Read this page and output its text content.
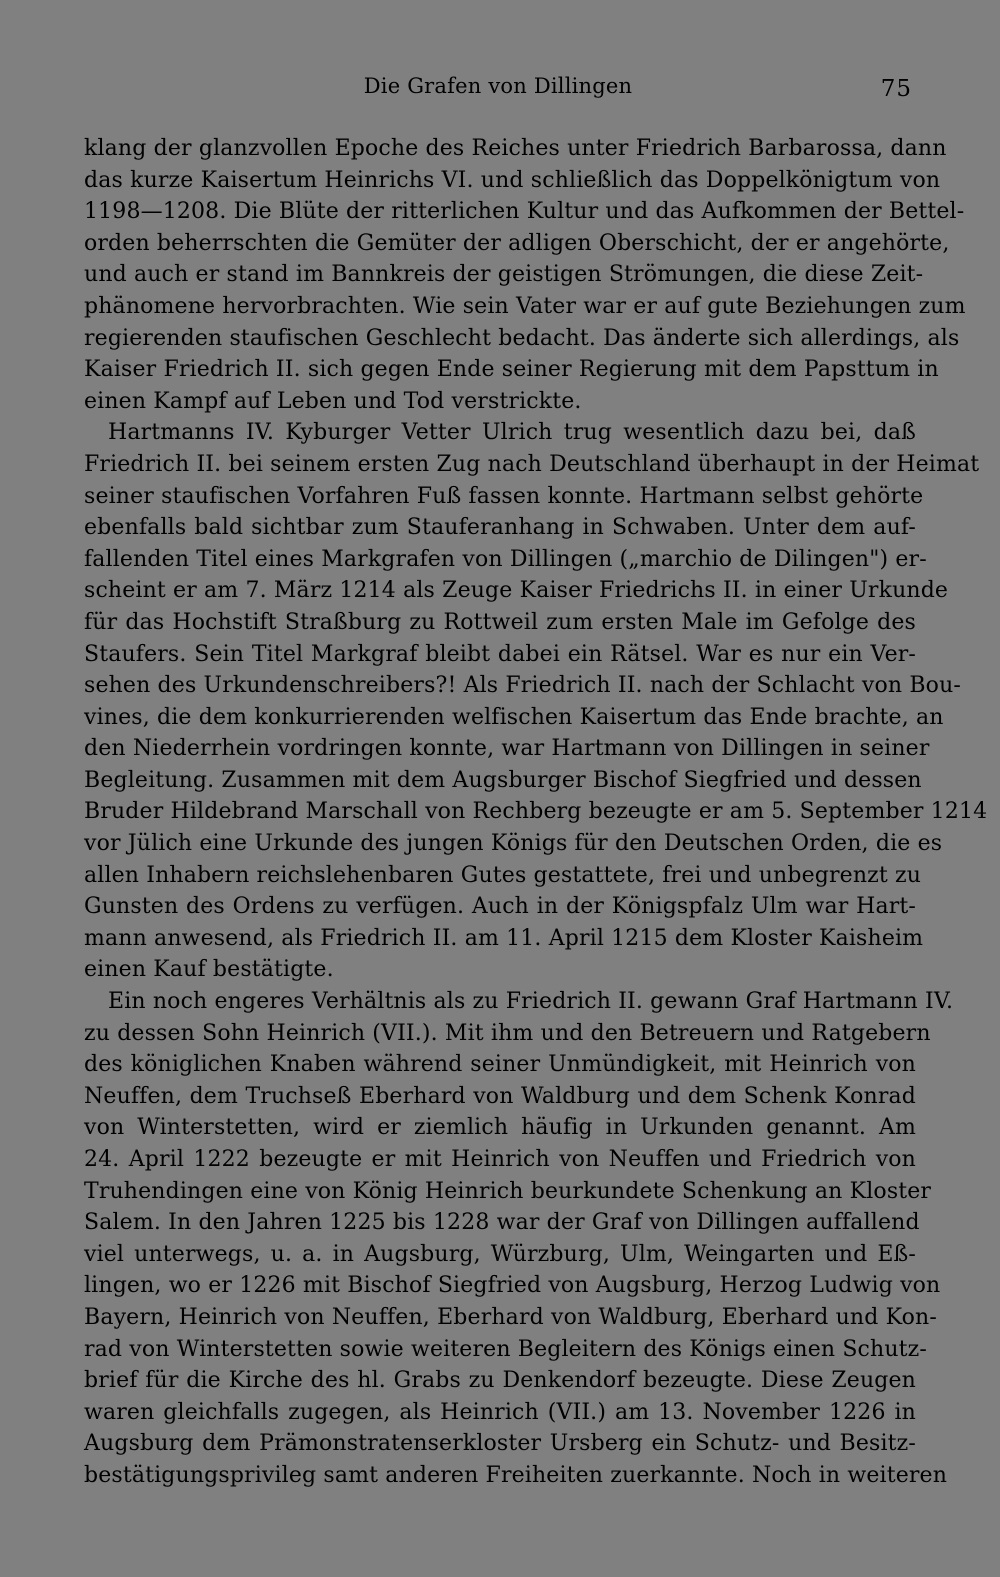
Die Grafen von Dillingen	75
klang der glanzvollen Epoche des Reiches unter Friedrich Barbarossa, dann
das kurze Kaisertum Heinrichs VI. und schließlich das Doppelkönigtum von
1198—1208. Die Blüte der ritterlichen Kultur und das Aufkommen der Bettel-
orden beherrschten die Gemüter der adligen Oberschicht, der er angehörte,
und auch er stand im Bannkreis der geistigen Strömungen, die diese Zeit-
phänomene hervorbrachten. Wie sein Vater war er auf gute Beziehungen zum
regierenden staufischen Geschlecht bedacht. Das änderte sich allerdings, als
Kaiser Friedrich II. sich gegen Ende seiner Regierung mit dem Papsttum in
einen Kampf auf Leben und Tod verstrickte.
Hartmanns IV. Kyburger Vetter Ulrich trug wesentlich dazu bei, daß
Friedrich II. bei seinem ersten Zug nach Deutschland überhaupt in der Heimat
seiner staufischen Vorfahren Fuß fassen konnte. Hartmann selbst gehörte
ebenfalls bald sichtbar zum Stauferanhang in Schwaben. Unter dem auf-
fallenden Titel eines Markgrafen von Dillingen („marchio de Dilingen") er-
scheint er am 7. März 1214 als Zeuge Kaiser Friedrichs II. in einer Urkunde
für das Hochstift Straßburg zu Rottweil zum ersten Male im Gefolge des
Staufers. Sein Titel Markgraf bleibt dabei ein Rätsel. War es nur ein Ver-
sehen des Urkundenschreibers?! Als Friedrich II. nach der Schlacht von Bou-
vines, die dem konkurrierenden welfischen Kaisertum das Ende brachte, an
den Niederrhein vordringen konnte, war Hartmann von Dillingen in seiner
Begleitung. Zusammen mit dem Augsburger Bischof Siegfried und dessen
Bruder Hildebrand Marschall von Rechberg bezeugte er am 5. September 1214
vor Jülich eine Urkunde des jungen Königs für den Deutschen Orden, die es
allen Inhabern reichslehenbaren Gutes gestattete, frei und unbegrenzt zu
Gunsten des Ordens zu verfügen. Auch in der Königspfalz Ulm war Hart-
mann anwesend, als Friedrich II. am 11. April 1215 dem Kloster Kaisheim
einen Kauf bestätigte.
Ein noch engeres Verhältnis als zu Friedrich II. gewann Graf Hartmann IV.
zu dessen Sohn Heinrich (VII.). Mit ihm und den Betreuern und Ratgebern
des königlichen Knaben während seiner Unmündigkeit, mit Heinrich von
Neuffen, dem Truchseß Eberhard von Waldburg und dem Schenk Konrad
von Winterstetten, wird er ziemlich häufig in Urkunden genannt. Am
24. April 1222 bezeugte er mit Heinrich von Neuffen und Friedrich von
Truhendingen eine von König Heinrich beurkundete Schenkung an Kloster
Salem. In den Jahren 1225 bis 1228 war der Graf von Dillingen auffallend
viel unterwegs, u. a. in Augsburg, Würzburg, Ulm, Weingarten und Eß-
lingen, wo er 1226 mit Bischof Siegfried von Augsburg, Herzog Ludwig von
Bayern, Heinrich von Neuffen, Eberhard von Waldburg, Eberhard und Kon-
rad von Winterstetten sowie weiteren Begleitern des Königs einen Schutz-
brief für die Kirche des hl. Grabs zu Denkendorf bezeugte. Diese Zeugen
waren gleichfalls zugegen, als Heinrich (VII.) am 13. November 1226 in
Augsburg dem Prämonstratenserkloster Ursberg ein Schutz- und Besitz-
bestätigungsprivileg samt anderen Freiheiten zuerkannte. Noch in weiteren
